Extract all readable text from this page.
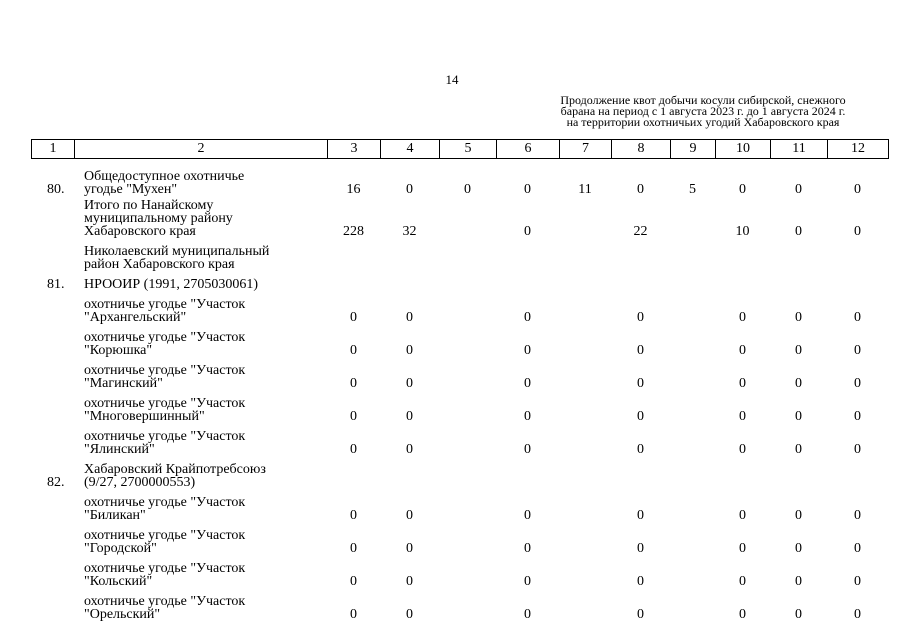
14
Продолжение квот добычи косули сибирской, снежного
барана на период с 1 августа 2023 г. до 1 августа 2024 г.
на территории охотничьих угодий Хабаровского края
1	2	3	4	5	6	7	8	9	10	11	12
80.	Общедоступное охотничье
угодье "Мухен"	16	0	0	0	11	0	5	0	0	0

	Итого по Нанайскому
муниципальному району
Хабаровского края	228	32		0		22		10	0	0

	Николаевский муниципальный
район Хабаровского края										

81.	НРООИР (1991, 2705030061)										

	охотничье угодье "Участок
"Архангельский"	0	0		0		0		0	0	0

	охотничье угодье "Участок
"Корюшка"	0	0		0		0		0	0	0

	охотничье угодье "Участок
"Магинский"	0	0		0		0		0	0	0

	охотничье угодье "Участок
"Многовершинный"	0	0		0		0		0	0	0

	охотничье угодье "Участок
"Ялинский"	0	0		0		0		0	0	0
82.	Хабаровский Крайпотребсоюз
(9/27, 2700000553)										

	охотничье угодье "Участок
"Биликан"	0	0		0		0		0	0	0

	охотничье угодье "Участок
"Городской"	0	0		0		0		0	0	0

	охотничье угодье "Участок
"Кольский"	0	0		0		0		0	0	0

	охотничье угодье "Участок
"Орельский"	0	0		0		0		0	0	0
